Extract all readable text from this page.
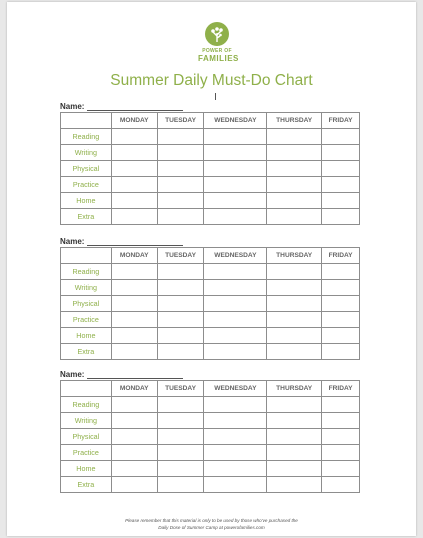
POWER OF
FAMILIES
Summer Daily Must-Do Chart
Name:
	MONDAY	TUESDAY	WEDNESDAY	THURSDAY	FRIDAY
Reading					
Writing					
Physical					
Practice					
Home					
Extra					
Name:
	MONDAY	TUESDAY	WEDNESDAY	THURSDAY	FRIDAY
Reading					
Writing					
Physical					
Practice					
Home					
Extra					
Name:
	MONDAY	TUESDAY	WEDNESDAY	THURSDAY	FRIDAY
Reading					
Writing					
Physical					
Practice					
Home					
Extra					
Please remember that this material is only to be used by those who've purchased the
Daily Dose of Summer Camp at powerofamilies.com
